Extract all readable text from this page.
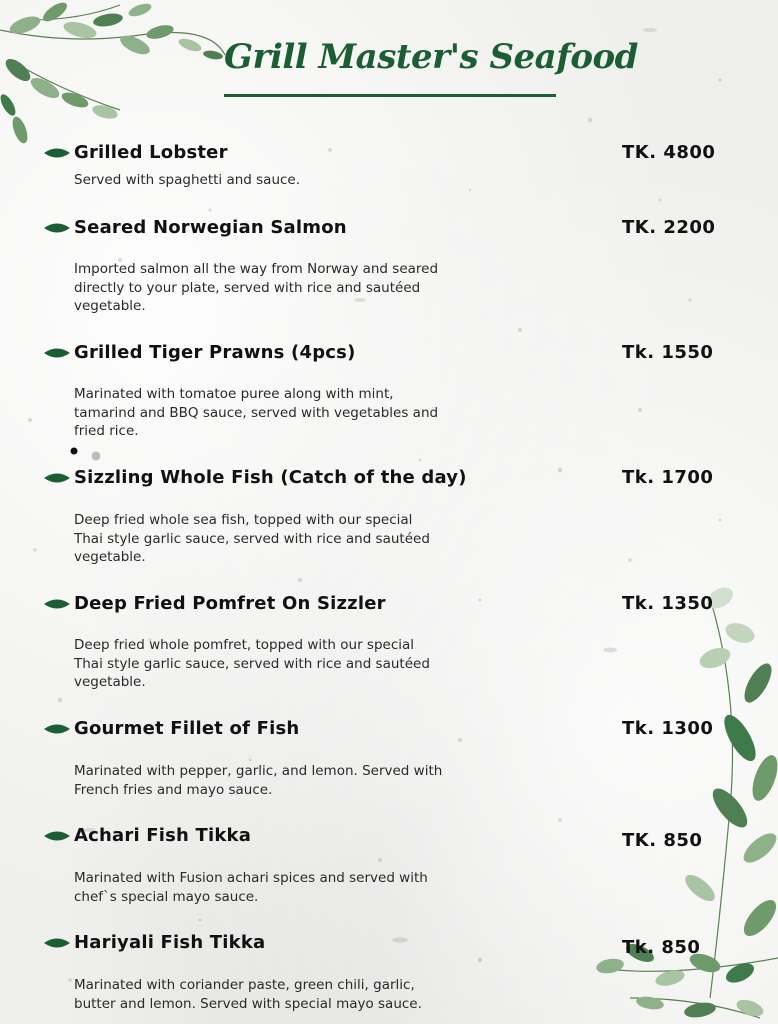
Grill Master's Seafood
Grilled Lobster	TK. 4800
Served with spaghetti and sauce.
Seared Norwegian Salmon	TK. 2200
Imported salmon all the way from Norway and seared directly to your plate, served with rice and sautéed vegetable.
Grilled Tiger Prawns (4pcs)	Tk. 1550
Marinated with tomatoe puree along with mint, tamarind and BBQ sauce, served with vegetables and fried rice.
Sizzling Whole Fish (Catch of the day)	Tk. 1700
Deep fried whole sea fish, topped with our special Thai style garlic sauce, served with rice and sautéed vegetable.
Deep Fried Pomfret On Sizzler	Tk. 1350
Deep fried whole pomfret, topped with our special Thai style garlic sauce, served with rice and sautéed vegetable.
Gourmet Fillet of Fish	Tk. 1300
Marinated with pepper, garlic, and lemon. Served with French fries and mayo sauce.
Achari Fish Tikka	TK. 850
Marinated with Fusion achari spices and served with chef`s special mayo sauce.
Hariyali Fish Tikka	Tk. 850
Marinated with coriander paste, green chili, garlic, butter and lemon. Served with special mayo sauce.
